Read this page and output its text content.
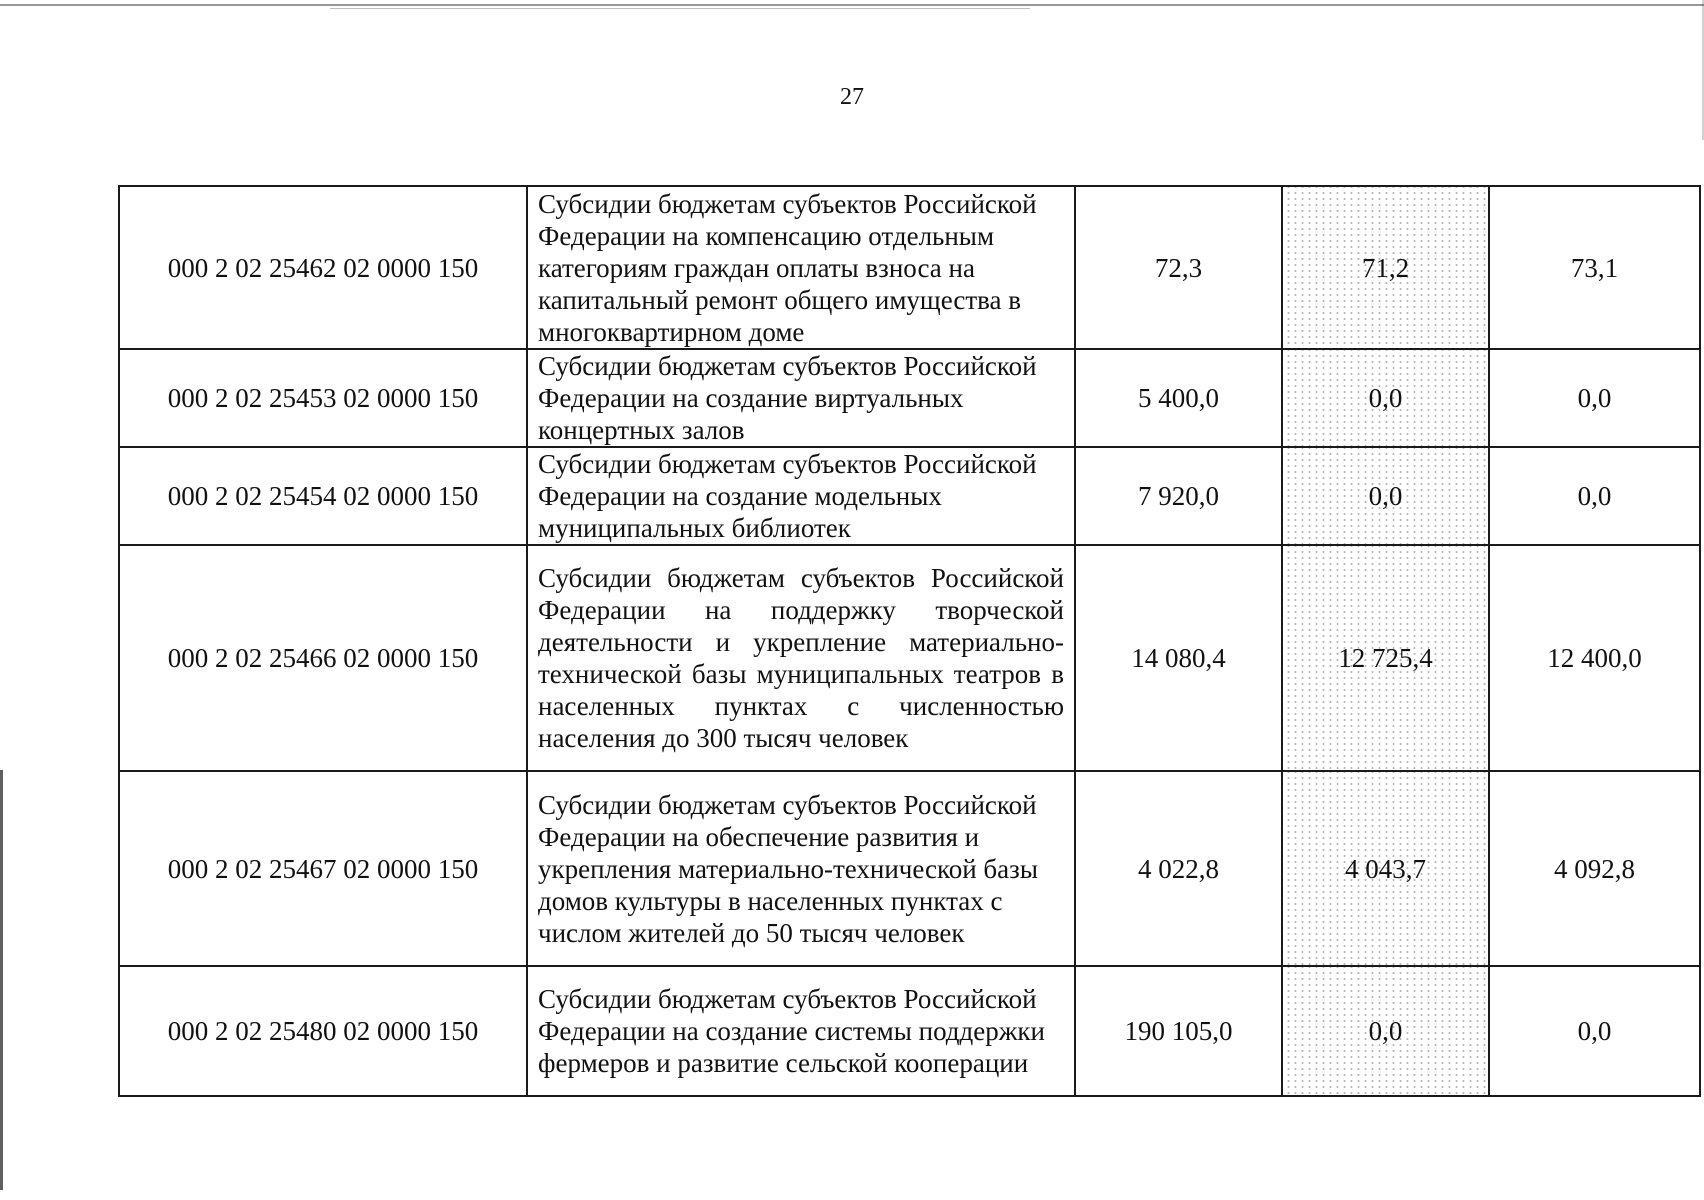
27
000 2 02 25462 02 0000 150	Субсидии бюджетам субъектов Российской Федерации на компенсацию отдельным категориям граждан оплаты взноса на капитальный ремонт общего имущества в многоквартирном доме	72,3	71,2	73,1
000 2 02 25453 02 0000 150	Субсидии бюджетам субъектов Российской Федерации на создание виртуальных концертных залов	5 400,0	0,0	0,0
000 2 02 25454 02 0000 150	Субсидии бюджетам субъектов Российской Федерации на создание модельных муниципальных библиотек	7 920,0	0,0	0,0
000 2 02 25466 02 0000 150	Субсидии бюджетам субъектов Российской Федерации на поддержку творческой деятельности и укрепление материально-технической базы муниципальных театров в населенных пунктах с численностью населения до 300 тысяч человек	14 080,4	12 725,4	12 400,0
000 2 02 25467 02 0000 150	Субсидии бюджетам субъектов Российской Федерации на обеспечение развития и укрепления материально-технической базы домов культуры в населенных пунктах с числом жителей до 50 тысяч человек	4 022,8	4 043,7	4 092,8
000 2 02 25480 02 0000 150	Субсидии бюджетам субъектов Российской Федерации на создание системы поддержки фермеров и развитие сельской кооперации	190 105,0	0,0	0,0
